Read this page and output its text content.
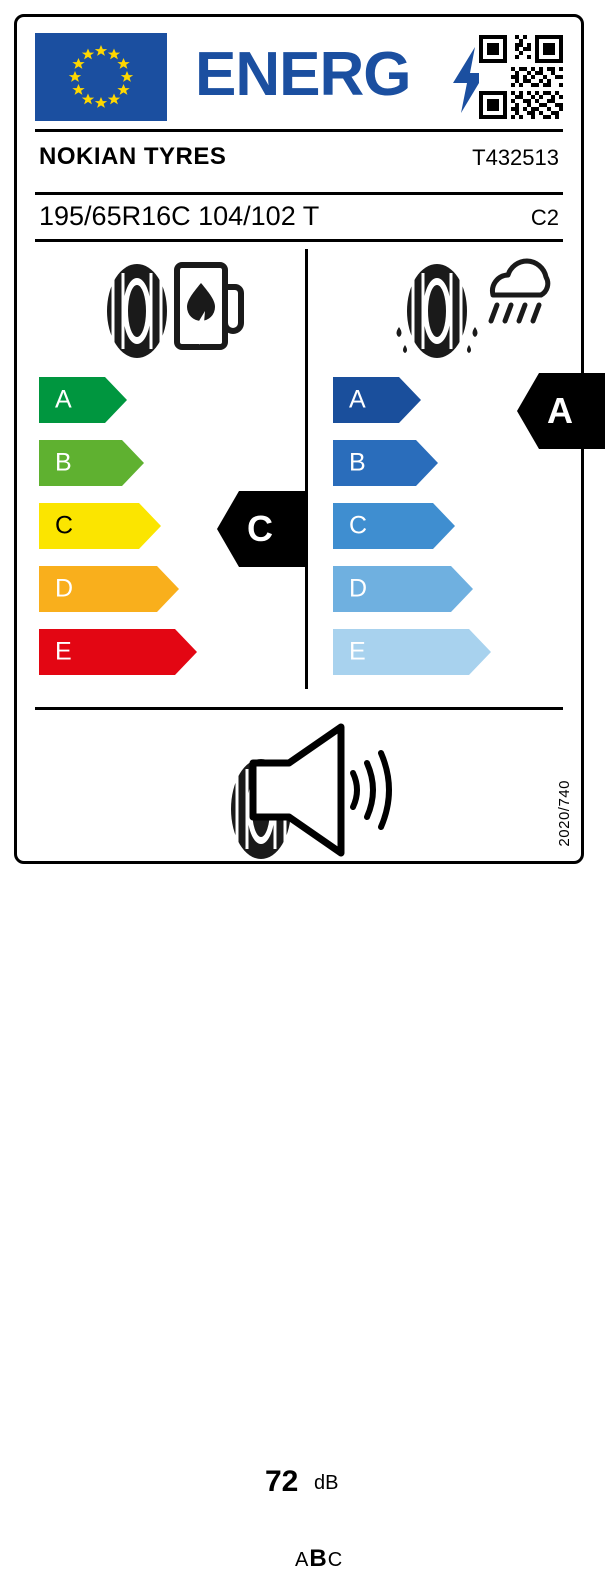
ENERG
NOKIAN TYRES	T432513
195/65R16C 104/102 T	C2
A
B
C
D
E
A
B
C
D
E
C
A
72 dB
ABC
2020/740
